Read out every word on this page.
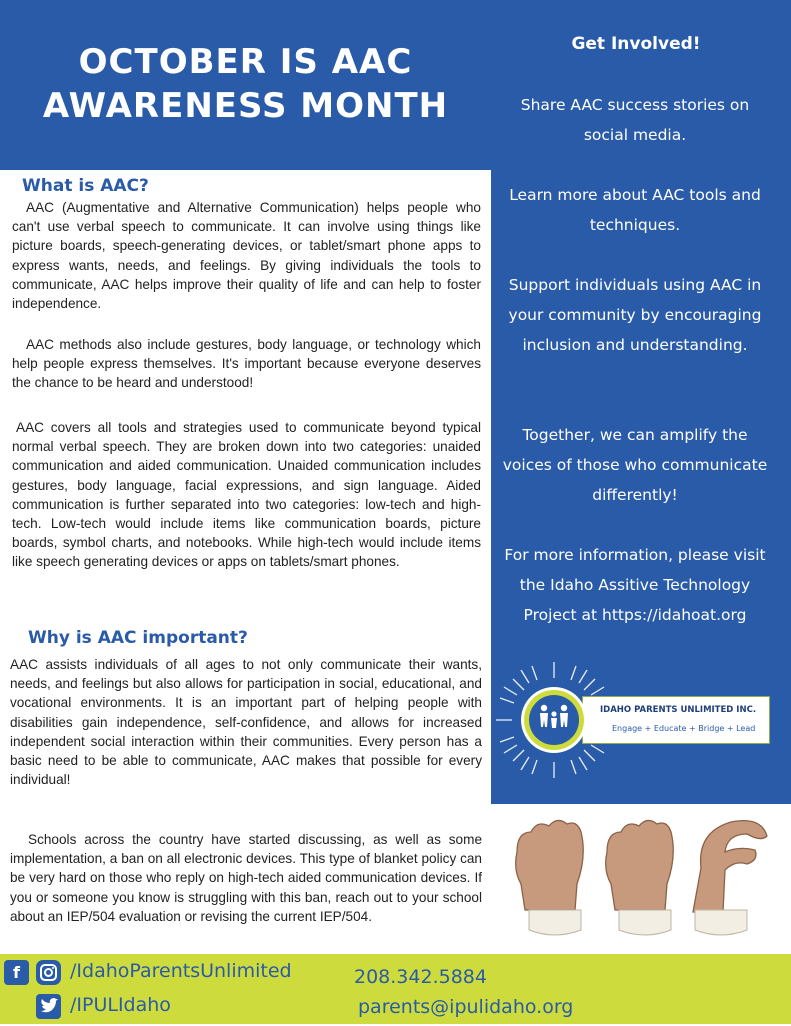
OCTOBER IS AAC
AWARENESS MONTH
Get Involved!
Share AAC success stories on social media.
Learn more about AAC tools and techniques.
Support individuals using AAC in your community by encouraging inclusion and understanding.
Together, we can amplify the voices of those who communicate differently!
For more information, please visit the Idaho Assitive Technology Project at https://idahoat.org
IDAHO PARENTS UNLIMITED INC.
Engage + Educate + Bridge + Lead
What is AAC?
AAC (Augmentative and Alternative Communication) helps people who can't use verbal speech to communicate. It can involve using things like picture boards, speech-generating devices, or tablet/smart phone apps to express wants, needs, and feelings. By giving individuals the tools to communicate, AAC helps improve their quality of life and can help to foster independence.
AAC methods also include gestures, body language, or technology which help people express themselves. It's important because everyone deserves the chance to be heard and understood!
AAC covers all tools and strategies used to communicate beyond typical normal verbal speech. They are broken down into two categories: unaided communication and aided communication. Unaided communication includes gestures, body language, facial expressions, and sign language. Aided communication is further separated into two categories: low-tech and high-tech. Low-tech would include items like communication boards, picture boards, symbol charts, and notebooks. While high-tech would include items like speech generating devices or apps on tablets/smart phones.
Why is AAC important?
AAC assists individuals of all ages to not only communicate their wants, needs, and feelings but also allows for participation in social, educational, and vocational environments. It is an important part of helping people with disabilities gain independence, self-confidence, and allows for increased independent social interaction within their communities. Every person has a basic need to be able to communicate, AAC makes that possible for every individual!
Schools across the country have started discussing, as well as some implementation, a ban on all electronic devices. This type of blanket policy can be very hard on those who reply on high-tech aided communication devices. If you or someone you know is struggling with this ban, reach out to your school about an IEP/504 evaluation or revising the current IEP/504.
f	/IdahoParentsUnlimited
/IPULIdaho
208.342.5884
parents@ipulidaho.org
